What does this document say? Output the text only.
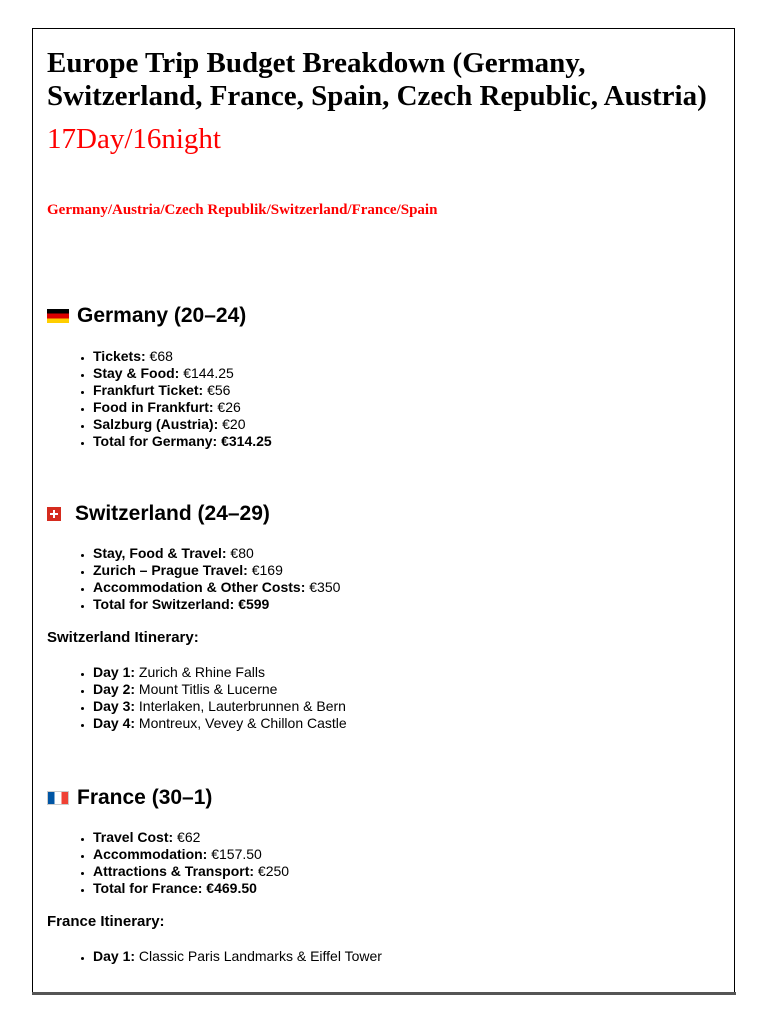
Europe Trip Budget Breakdown (Germany, Switzerland, France, Spain, Czech Republic, Austria)
17Day/16night
Germany/Austria/Czech Republik/Switzerland/France/Spain
Germany (20–24)
• Tickets: €68
• Stay & Food: €144.25
• Frankfurt Ticket: €56
• Food in Frankfurt: €26
• Salzburg (Austria): €20
• Total for Germany: €314.25
Switzerland (24–29)
• Stay, Food & Travel: €80
• Zurich – Prague Travel: €169
• Accommodation & Other Costs: €350
• Total for Switzerland: €599

Switzerland Itinerary:

• Day 1: Zurich & Rhine Falls
• Day 2: Mount Titlis & Lucerne
• Day 3: Interlaken, Lauterbrunnen & Bern
• Day 4: Montreux, Vevey & Chillon Castle
France (30–1)
• Travel Cost: €62
• Accommodation: €157.50
• Attractions & Transport: €250
• Total for France: €469.50

France Itinerary:

• Day 1: Classic Paris Landmarks & Eiffel Tower
